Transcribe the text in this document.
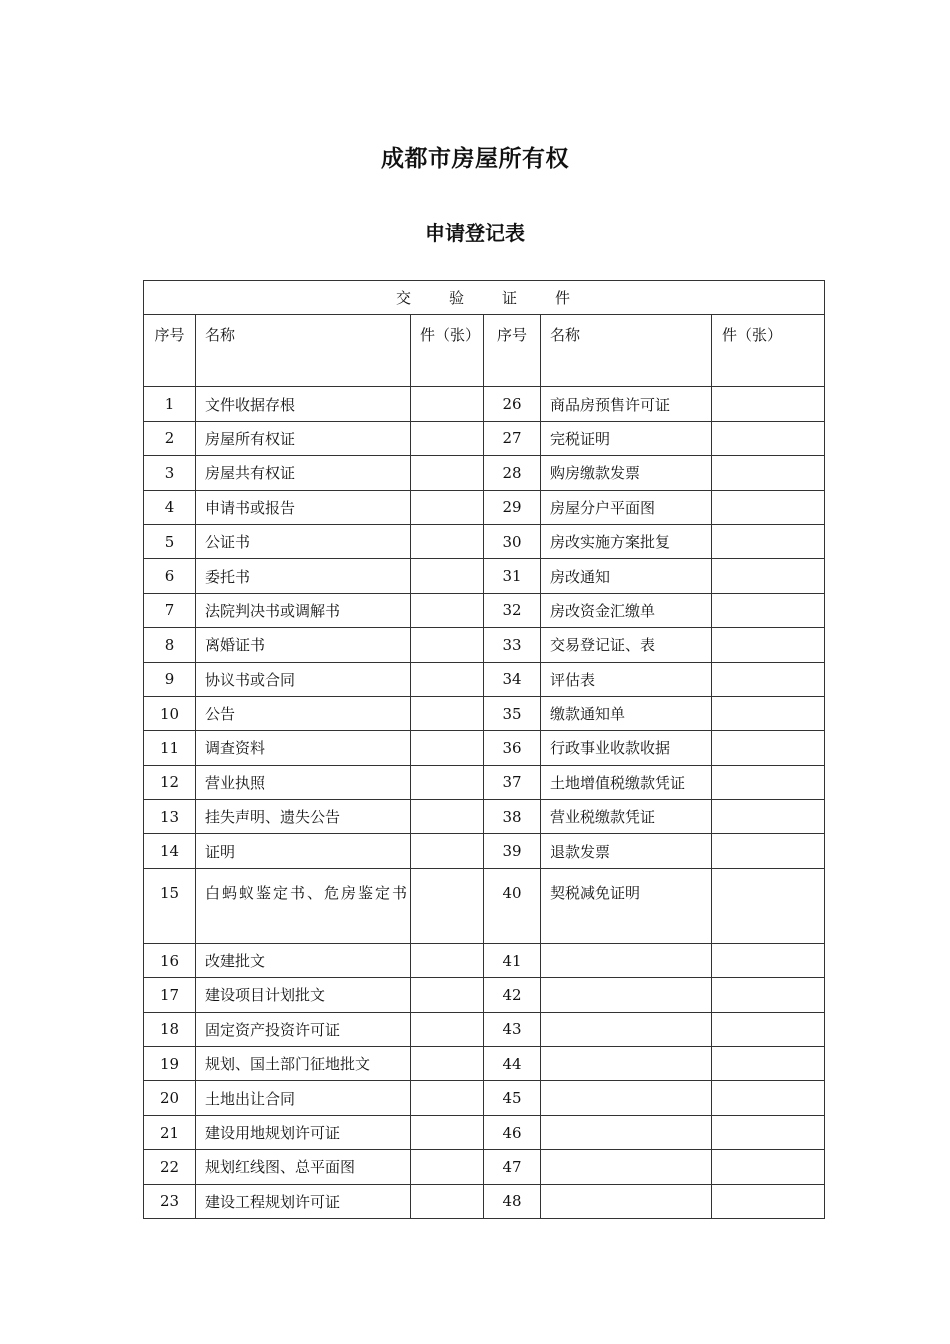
成都市房屋所有权
申请登记表
交 验 证 件					
序号	名称	件（张）	序号	名称	件（张）
1	文件收据存根		26	商品房预售许可证	
2	房屋所有权证		27	完税证明	
3	房屋共有权证		28	购房缴款发票	
4	申请书或报告		29	房屋分户平面图	
5	公证书		30	房改实施方案批复	
6	委托书		31	房改通知	
7	法院判决书或调解书		32	房改资金汇缴单	
8	离婚证书		33	交易登记证、表	
9	协议书或合同		34	评估表	
10	公告		35	缴款通知单	
11	调查资料		36	行政事业收款收据	
12	营业执照		37	土地增值税缴款凭证	
13	挂失声明、遗失公告		38	营业税缴款凭证	
14	证明		39	退款发票	
15	白蚂蚁鉴定书、危房鉴定书		40	契税减免证明	
16	改建批文		41		
17	建设项目计划批文		42		
18	固定资产投资许可证		43		
19	规划、国土部门征地批文		44		
20	土地出让合同		45		
21	建设用地规划许可证		46		
22	规划红线图、总平面图		47		
23	建设工程规划许可证		48		
